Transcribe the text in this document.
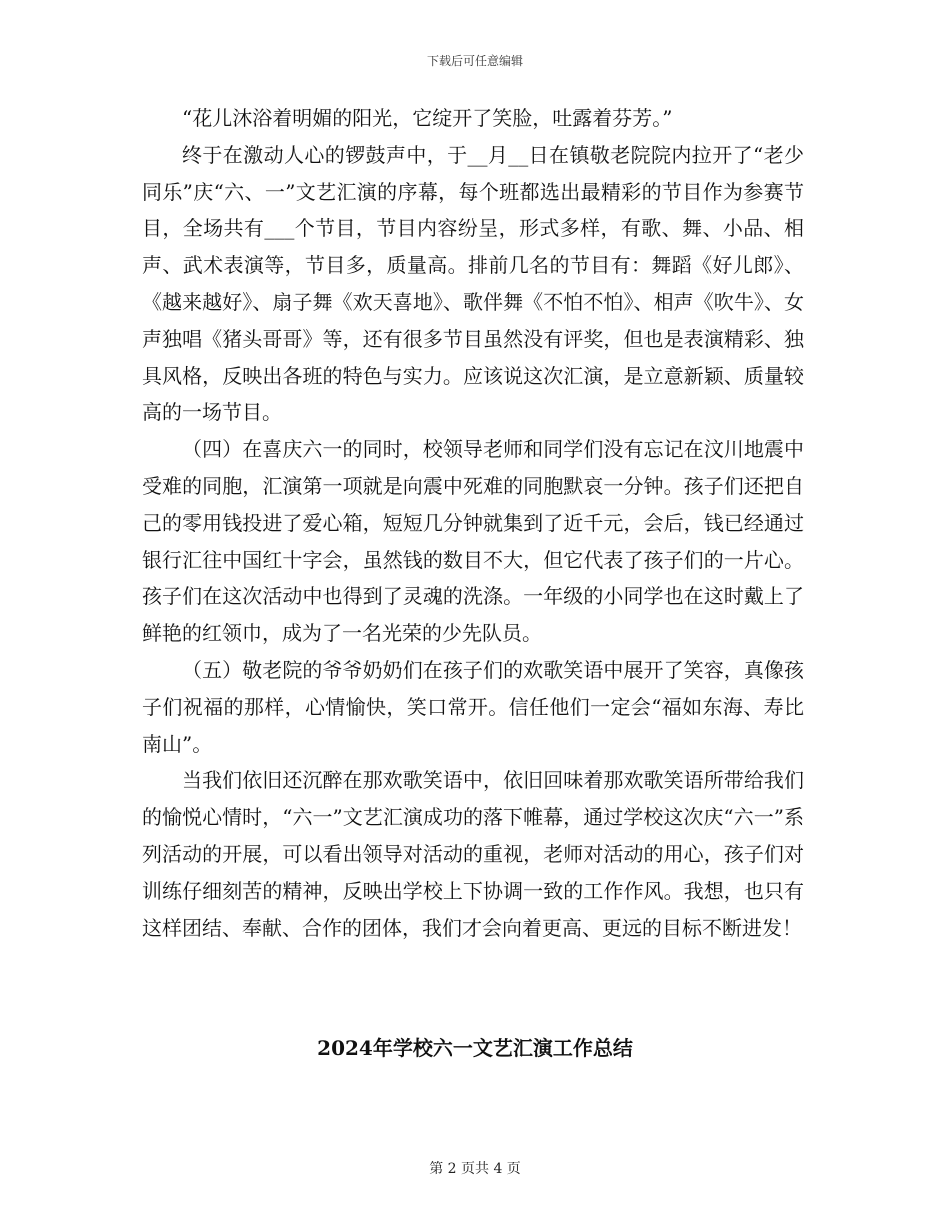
下载后可任意编辑

“花儿沐浴着明媚的阳光，它绽开了笑脸，吐露着芬芳。”

终于在激动人心的锣鼓声中，于__月__日在镇敬老院院内拉开了“老少同乐”庆“六、一”文艺汇演的序幕，每个班都选出最精彩的节目作为参赛节目，全场共有___个节目，节目内容纷呈，形式多样，有歌、舞、小品、相声、武术表演等，节目多，质量高。排前几名的节目有：舞蹈《好儿郎》、《越来越好》、扇子舞《欢天喜地》、歌伴舞《不怕不怕》、相声《吹牛》、女声独唱《猪头哥哥》等，还有很多节目虽然没有评奖，但也是表演精彩、独具风格，反映出各班的特色与实力。应该说这次汇演，是立意新颖、质量较高的一场节目。

（四）在喜庆六一的同时，校领导老师和同学们没有忘记在汶川地震中受难的同胞，汇演第一项就是向震中死难的同胞默哀一分钟。孩子们还把自己的零用钱投进了爱心箱，短短几分钟就集到了近千元，会后，钱已经通过银行汇往中国红十字会，虽然钱的数目不大，但它代表了孩子们的一片心。孩子们在这次活动中也得到了灵魂的洗涤。一年级的小同学也在这时戴上了鲜艳的红领巾，成为了一名光荣的少先队员。

（五）敬老院的爷爷奶奶们在孩子们的欢歌笑语中展开了笑容，真像孩子们祝福的那样，心情愉快，笑口常开。信任他们一定会“福如东海、寿比南山”。

当我们依旧还沉醉在那欢歌笑语中，依旧回味着那欢歌笑语所带给我们的愉悦心情时，“六一”文艺汇演成功的落下帷幕，通过学校这次庆“六一”系列活动的开展，可以看出领导对活动的重视，老师对活动的用心，孩子们对训练仔细刻苦的精神，反映出学校上下协调一致的工作作风。我想，也只有这样团结、奉献、合作的团体，我们才会向着更高、更远的目标不断进发！

2024年学校六一文艺汇演工作总结
第 2 页共 4 页
